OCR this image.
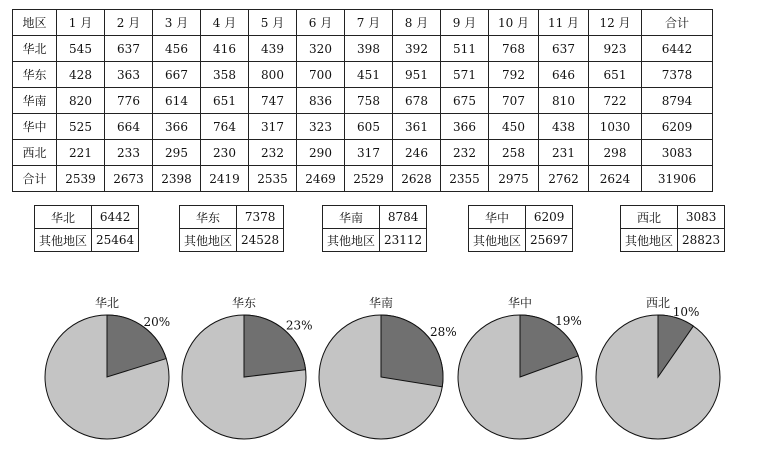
地区	1 月	2 月	3 月	4 月	5 月	6 月	7 月	8 月	9 月	10 月	11 月	12 月	合计
华北	545	637	456	416	439	320	398	392	511	768	637	923	6442
华东	428	363	667	358	800	700	451	951	571	792	646	651	7378
华南	820	776	614	651	747	836	758	678	675	707	810	722	8794
华中	525	664	366	764	317	323	605	361	366	450	438	1030	6209
西北	221	233	295	230	232	290	317	246	232	258	231	298	3083
合计	2539	2673	2398	2419	2535	2469	2529	2628	2355	2975	2762	2624	31906
华北	6442
其他地区	25464
华东	7378
其他地区	24528
华南	8784
其他地区	23112
华中	6209
其他地区	25697
西北	3083
其他地区	28823
华北
20%
华东
23%
华南
28%
华中
19%
西北
10%
